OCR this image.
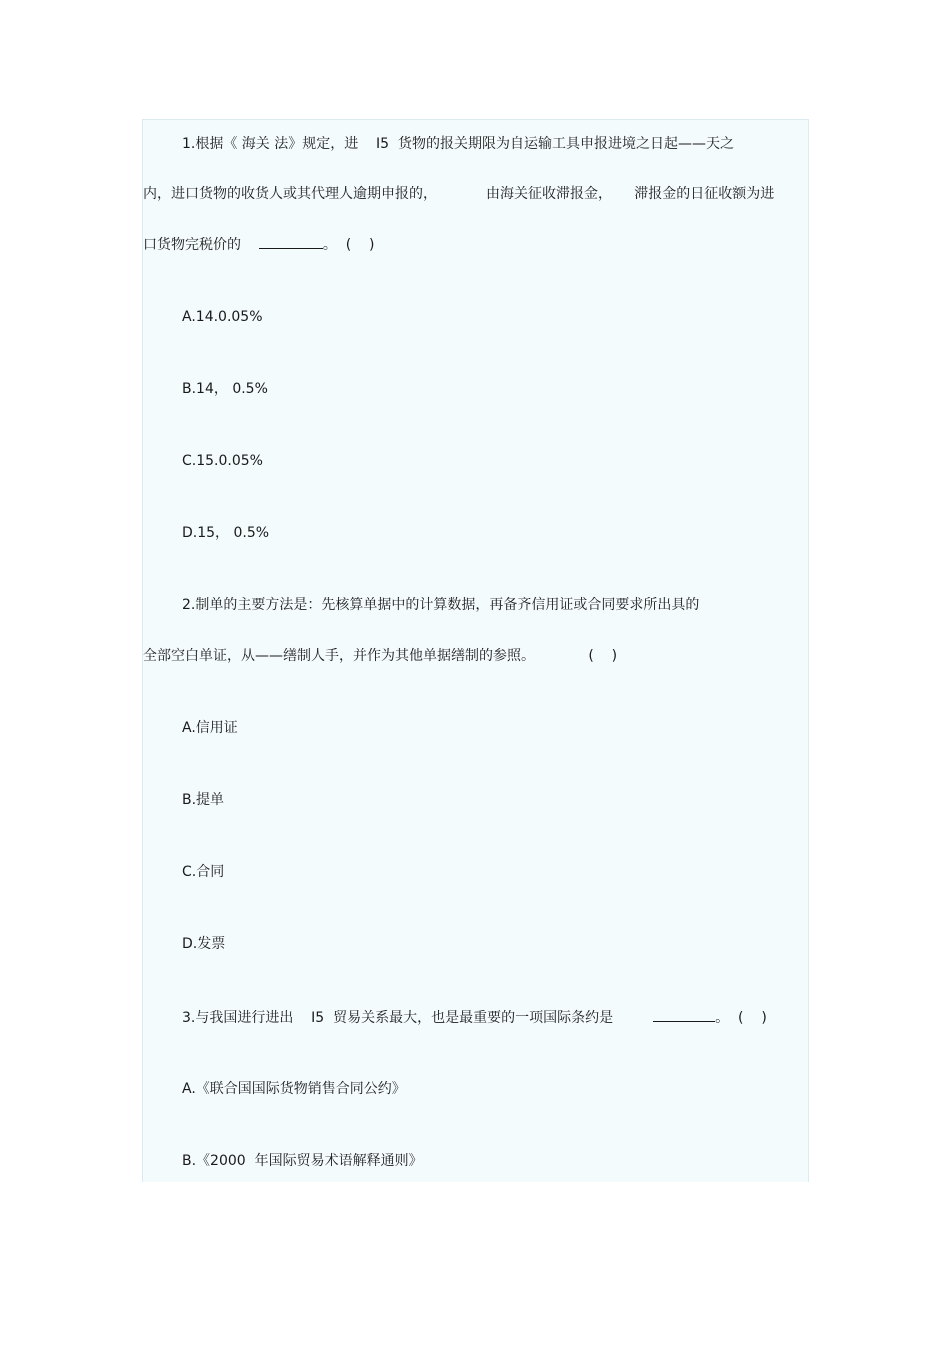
1.根据《 海关 法》规定，进    I5  货物的报关期限为自运输工具申报进境之日起——天之
内，进口货物的收货人或其代理人逾期申报的，           由海关征收滞报金，     滞报金的日征收额为进
口货物完税价的	。  (    )
A.14.0.05%
B.14， 0.5%
C.15.0.05%
D.15， 0.5%
2.制单的主要方法是：先核算单据中的计算数据，再备齐信用证或合同要求所出具的
全部空白单证，从——缮制人手，并作为其他单据缮制的参照。            (    )
A.信用证
B.提单
C.合同
D.发票
3.与我国进行进出    I5  贸易关系最大，也是最重要的一项国际条约是	。  (    )
A.《联合国国际货物销售合同公约》
B.《2000  年国际贸易术语解释通则》
